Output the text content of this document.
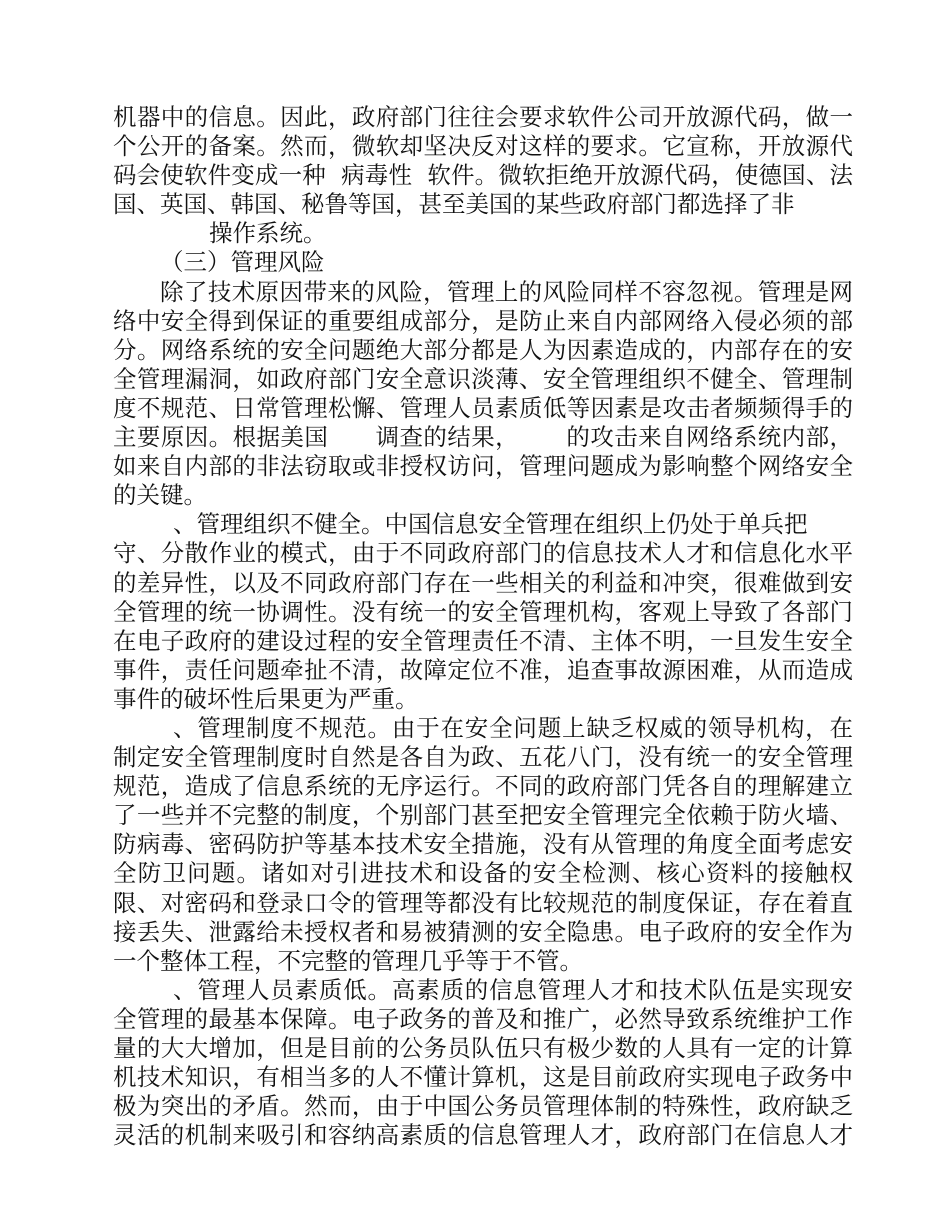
机器中的信息。因此，政府部门往往会要求软件公司开放源代码，做一
个公开的备案。然而，微软却坚决反对这样的要求。它宣称，开放源代
码会使软件变成一种  病毒性  软件。微软拒绝开放源代码，使德国、法
国、英国、韩国、秘鲁等国，甚至美国的某些政府部门都选择了非
操作系统。
（三）管理风险
除了技术原因带来的风险，管理上的风险同样不容忽视。管理是网
络中安全得到保证的重要组成部分，是防止来自内部网络入侵必须的部
分。网络系统的安全问题绝大部分都是人为因素造成的，内部存在的安
全管理漏洞，如政府部门安全意识淡薄、安全管理组织不健全、管理制
度不规范、日常管理松懈、管理人员素质低等因素是攻击者频频得手的
主要原因。根据美国      调查的结果，      的攻击来自网络系统内部，
如来自内部的非法窃取或非授权访问，管理问题成为影响整个网络安全
的关键。
、管理组织不健全。中国信息安全管理在组织上仍处于单兵把
守、分散作业的模式，由于不同政府部门的信息技术人才和信息化水平
的差异性，以及不同政府部门存在一些相关的利益和冲突，很难做到安
全管理的统一协调性。没有统一的安全管理机构，客观上导致了各部门
在电子政府的建设过程的安全管理责任不清、主体不明，一旦发生安全
事件，责任问题牵扯不清，故障定位不准，追查事故源困难，从而造成
事件的破坏性后果更为严重。
、管理制度不规范。由于在安全问题上缺乏权威的领导机构，在
制定安全管理制度时自然是各自为政、五花八门，没有统一的安全管理
规范，造成了信息系统的无序运行。不同的政府部门凭各自的理解建立
了一些并不完整的制度，个别部门甚至把安全管理完全依赖于防火墙、
防病毒、密码防护等基本技术安全措施，没有从管理的角度全面考虑安
全防卫问题。诸如对引进技术和设备的安全检测、核心资料的接触权
限、对密码和登录口令的管理等都没有比较规范的制度保证，存在着直
接丢失、泄露给未授权者和易被猜测的安全隐患。电子政府的安全作为
一个整体工程，不完整的管理几乎等于不管。
、管理人员素质低。高素质的信息管理人才和技术队伍是实现安
全管理的最基本保障。电子政务的普及和推广，必然导致系统维护工作
量的大大增加，但是目前的公务员队伍只有极少数的人具有一定的计算
机技术知识，有相当多的人不懂计算机，这是目前政府实现电子政务中
极为突出的矛盾。然而，由于中国公务员管理体制的特殊性，政府缺乏
灵活的机制来吸引和容纳高素质的信息管理人才，政府部门在信息人才
